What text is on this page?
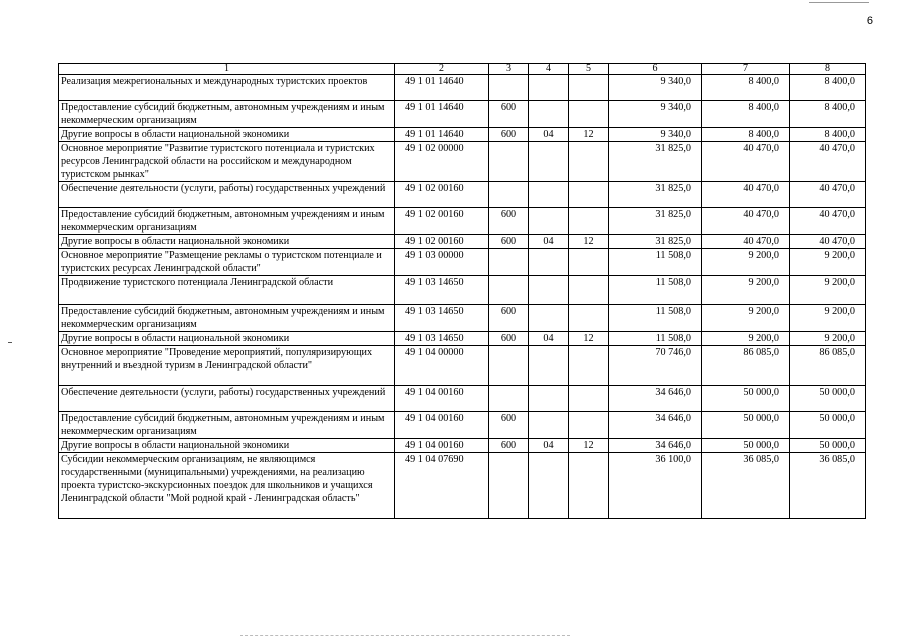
6
1	2	3	4	5	6	7	8
Реализация межрегиональных и международных туристских проектов	49 1 01 14640				9 340,0	8 400,0	8 400,0
Предоставление субсидий бюджетным, автономным учреждениям и иным некоммерческим организациям	49 1 01 14640	600			9 340,0	8 400,0	8 400,0
Другие вопросы в области национальной экономики	49 1 01 14640	600	04	12	9 340,0	8 400,0	8 400,0
Основное мероприятие "Развитие туристского потенциала и туристских ресурсов Ленинградской области на российском и международном туристском рынках"	49 1 02 00000				31 825,0	40 470,0	40 470,0
Обеспечение деятельности (услуги, работы) государственных учреждений	49 1 02 00160				31 825,0	40 470,0	40 470,0
Предоставление субсидий бюджетным, автономным учреждениям и иным некоммерческим организациям	49 1 02 00160	600			31 825,0	40 470,0	40 470,0
Другие вопросы в области национальной экономики	49 1 02 00160	600	04	12	31 825,0	40 470,0	40 470,0
Основное мероприятие "Размещение рекламы о туристском потенциале и туристских ресурсах Ленинградской области"	49 1 03 00000				11 508,0	9 200,0	9 200,0
Продвижение туристского потенциала Ленинградской области	49 1 03 14650				11 508,0	9 200,0	9 200,0
Предоставление субсидий бюджетным, автономным учреждениям и иным некоммерческим организациям	49 1 03 14650	600			11 508,0	9 200,0	9 200,0
Другие вопросы в области национальной экономики	49 1 03 14650	600	04	12	11 508,0	9 200,0	9 200,0
Основное мероприятие "Проведение мероприятий, популяризирующих внутренний и въездной туризм в Ленинградской области"	49 1 04 00000				70 746,0	86 085,0	86 085,0
Обеспечение деятельности (услуги, работы) государственных учреждений	49 1 04 00160				34 646,0	50 000,0	50 000,0
Предоставление субсидий бюджетным, автономным учреждениям и иным некоммерческим организациям	49 1 04 00160	600			34 646,0	50 000,0	50 000,0
Другие вопросы в области национальной экономики	49 1 04 00160	600	04	12	34 646,0	50 000,0	50 000,0
Субсидии некоммерческим организациям, не являющимся государственными (муниципальными) учреждениями, на реализацию проекта туристско-экскурсионных поездок для школьников и учащихся Ленинградской области "Мой родной край - Ленинградская область"	49 1 04 07690				36 100,0	36 085,0	36 085,0
